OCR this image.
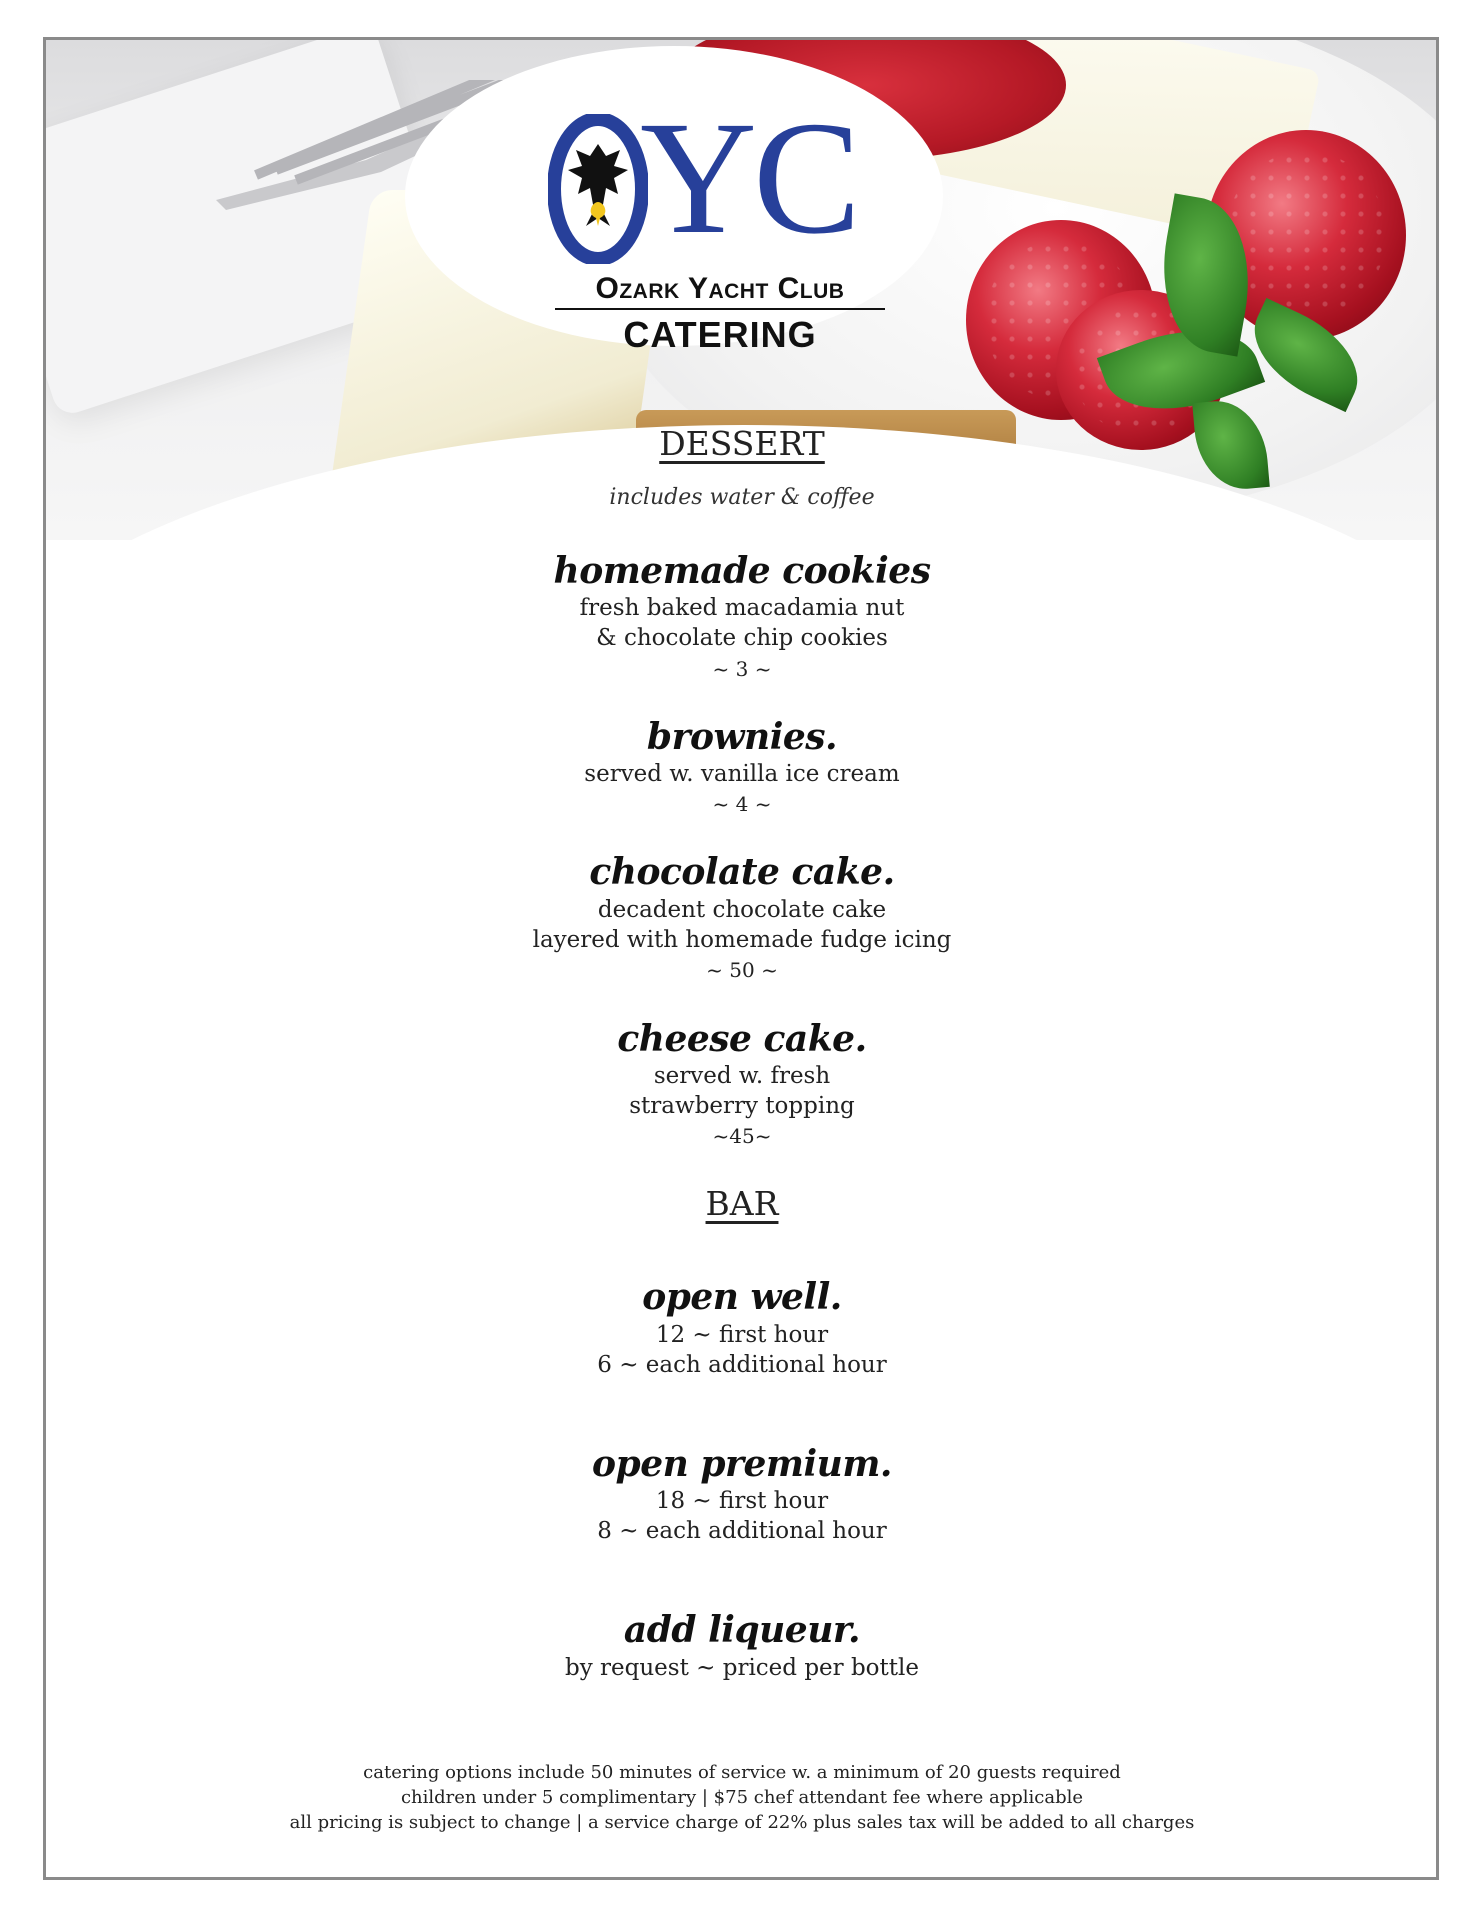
YC
Ozark Yacht Club
CATERING
DESSERT
includes water & coffee
homemade cookies
fresh baked macadamia nut
& chocolate chip cookies
~ 3 ~
brownies.
served w. vanilla ice cream
~ 4 ~
chocolate cake.
decadent chocolate cake
layered with homemade fudge icing
~ 50 ~
cheese cake.
served w. fresh
strawberry topping
~45~
BAR
open well.
12 ~ first hour
6 ~ each additional hour
open premium.
18 ~ first hour
8 ~ each additional hour
add liqueur.
by request ~ priced per bottle
catering options include 50 minutes of service w. a minimum of 20 guests required
children under 5 complimentary | $75 chef attendant fee where applicable
all pricing is subject to change | a service charge of 22% plus sales tax will be added to all charges
